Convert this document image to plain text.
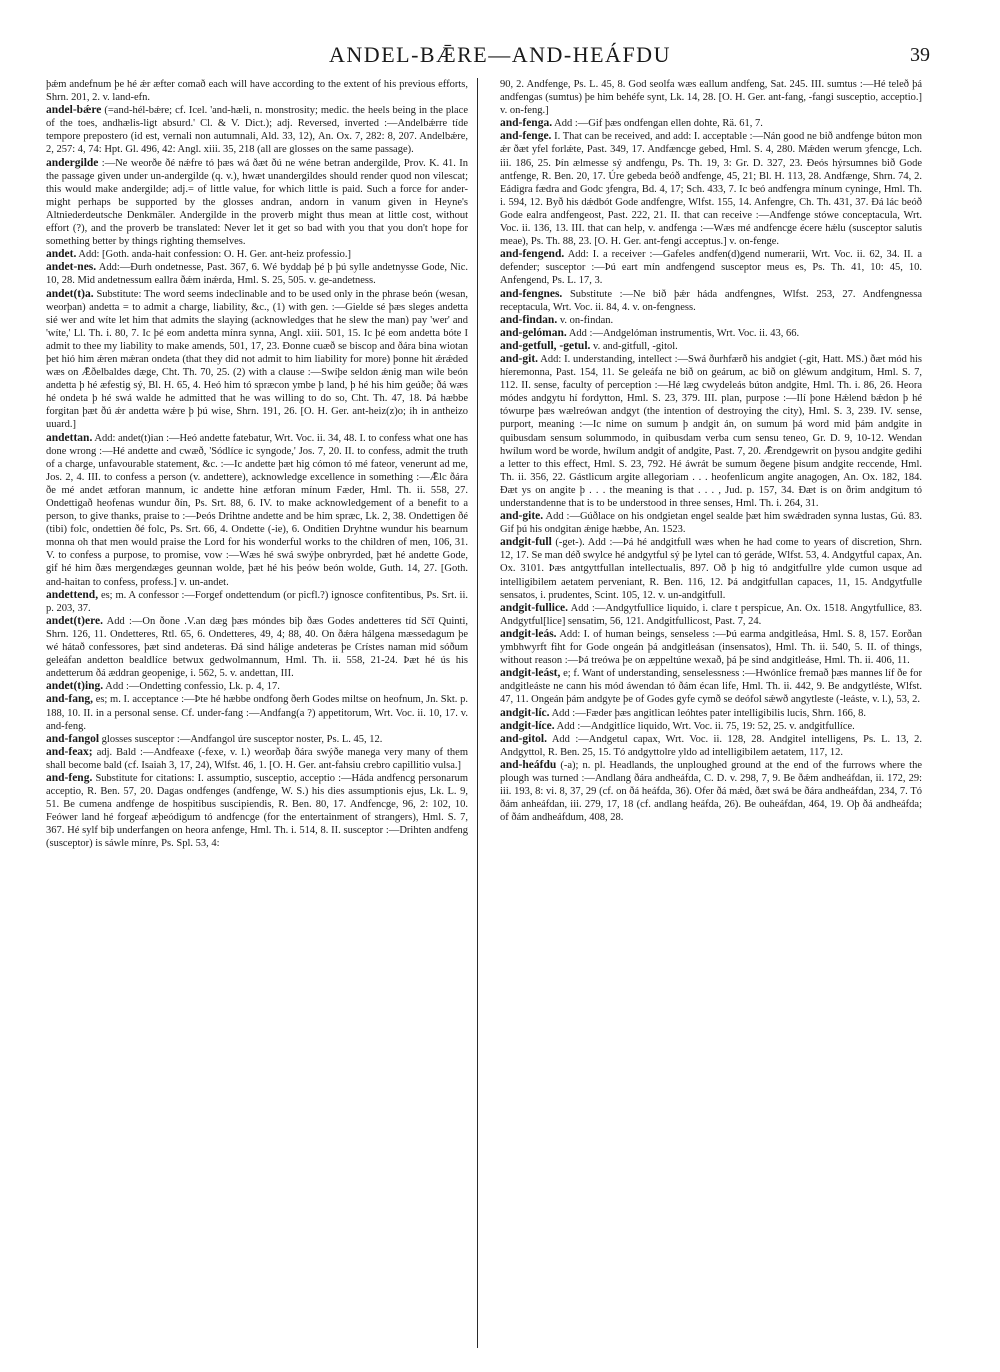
ANDEL-BǢRE—AND-HEÁFDU	39

þǽm andefnum þe hé ǽr æfter comað each will have according to the extent of his previous efforts, Shrn. 201, 2. v. land-efn.

andel-bǽre (=and-hél-bǽre; cf. Icel. 'and-hæli, n. monstrosity; medic. the heels being in the place of the toes, andhælis-ligt absurd.' Cl. & V. Dict.); adj. Reversed, inverted :—Andelbǽrre tíde tempore preposterо (id est, vernali non autumnali, Ald. 33, 12), An. Ox. 7, 282: 8, 207. Andelbǽre, 2, 257: 4, 74: Hpt. Gl. 496, 42: Angl. xiii. 35, 218 (all are glosses on the same passage).

andergilde :—Ne weorðe ðé nǽfre tó þæs wá ðæt ðú ne wéne betran andergilde, Prov. K. 41. In the passage given under un-andergilde (q. v.), hwæt unandergildes should render quod non vilescat; this would make andergilde; adj.= of little value, for which little is paid. Such a force for ander- might perhaps be supported by the glosses andran, andorn in vanum given in Heyne's Altniederdeutsche Denkmäler. Andergilde in the proverb might thus mean at little cost, without effort (?), and the proverb be translated: Never let it get so bad with you that you don't hope for something better by things righting themselves.

andet. Add: [Goth. anda-hait confession: O. H. Ger. ant-heiz professio.]

andet-nes. Add:—Ðurh ondetnesse, Past. 367, 6. Wé byddaþ þé þ þú sylle andetnysse Gode, Nic. 10, 28. Mid andetnessum eallra ðǽm inǽrda, Hml. S. 25, 505. v. ge-andetness.

andet(t)a. Substitute: The word seems indeclinable and to be used only in the phrase beón (wesan, weorþan) andetta = to admit a charge, liability, &c., (1) with gen. :—Gielde sé þæs sleges andetta sié wer and wíte let him that admits the slaying (acknowledges that he slew the man) pay 'wer' and 'wíte,' Ll. Th. i. 80, 7. Ic þé eom andetta mínra synna, Angl. xiii. 501, 15. Ic þé eom andetta bóte I admit to thee my liability to make amends, 501, 17, 23. Ðonne cuæð se biscop and ðára bina wiotan þet hió him ǽren mǽran ondeta (that they did not admit to him liability for more) þonne hit ǽrǽded wæs on Ǣðelbaldes dæge, Cht. Th. 70, 25. (2) with a clause :—Swíþe seldon ǽnig man wile beón andetta þ hé æfestig sý, Bl. H. 65, 4. Heó him tó spræcon ymbe þ land, þ hé his him geúðe; ðá wæs hé ondeta þ hé swá walde he admitted that he was willing to do so, Cht. Th. 47, 18. Þá hæbbe forgitan þæt ðú ǽr andetta wǽre þ þú wise, Shrn. 191, 26. [O. H. Ger. ant-heiz(z)o; ih in antheizo uuard.]

andettan. Add: andet(t)ian :—Heó andette fatebatur, Wrt. Voc. ii. 34, 48. I. to confess what one has done wrong :—Hé andette and cwæð, 'Sódlíce ic syngode,' Jos. 7, 20. II. to confess, admit the truth of a charge, unfavourable statement, &c. :—Ic andette þæt hig cómon tó mé fateor, venerunt ad me, Jos. 2, 4. III. to confess a person (v. andettere), acknowledge excellence in something :—Ǣlc ðára ðe mé andet ætforan mannum, ic andette hine ætforan mínum Fæder, Hml. Th. ii. 558, 27. Ondettigað heofenas wundur ðín, Ps. Srt. 88, 6. IV. to make acknowledgement of a benefit to a person, to give thanks, praise to :—Þeós Drihtne andette and be him spræc, Lk. 2, 38. Ondettigen ðé (tibi) folc, ondettien ðé folc, Ps. Srt. 66, 4. Ondette (-ie), 6. Onditien Dryhtne wundur his bearnum monna oh that men would praise the Lord for his wonderful works to the children of men, 106, 31. V. to confess a purpose, to promise, vow :—Wæs hé swá swýþe onbryrded, þæt hé andette Gode, gif hé him ðæs mergendæges geunnan wolde, þæt hé his þeów beón wolde, Guth. 14, 27. [Goth. and-haitan to confess, profess.] v. un-andet.

andettend, es; m. A confessor :—Forgef ondettendum (or picfl.?) ignosce confitentibus, Ps. Srt. ii. p. 203, 37.

andet(t)ere. Add :—On ðone .V.an dæg þæs móndes biþ ðæs Godes andetteres tíd Sčī Quinti, Shrn. 126, 11. Ondetteres, Rtl. 65, 6. Ondetteres, 49, 4; 88, 40. On ðǽra hálgena mæssedagum þe wé hátað confessores, þæt sind andeteras. Ðá sind hálige andeteras þe Crístes naman mid sóðum geleáfan andetton bealdlíce betwux gedwolmannum, Hml. Th. ii. 558, 21-24. Þæt hé ús his andetterum ðá æddran geopenige, i. 562, 5. v. andettan, III.

andet(t)ing. Add :—Ondetting confessio, Lk. p. 4, 17.

and-fang, es; m. I. acceptance :—Þte hé hæbbe ondfong ðerh Godes miltse on heofnum, Jn. Skt. p. 188, 10. II. in a personal sense. Cf. under-fang :—Andfang(a ?) appetitorum, Wrt. Voc. ii. 10, 17. v. and-feng.

and-fangol glosses susceptor :—Andfangol úre susceptor noster, Ps. L. 45, 12.

and-feax; adj. Bald :—Andfeaxe (-fexe, v. l.) weorðaþ ðára swýðe manega very many of them shall become bald (cf. Isaiah 3, 17, 24), Wlfst. 46, 1. [O. H. Ger. ant-fahsiu crebro capillitio vulsa.]

and-feng. Substitute for citations: I. assumptio, susceptio, acceptio :—Háda andfencg personarum acceptio, R. Ben. 57, 20. Dagas ondfenges (andfenge, W. S.) his dies assumptionis ejus, Lk. L. 9, 51. Be cumena andfenge de hospitibus suscipiendis, R. Ben. 80, 17. Andfencge, 96, 2: 102, 10. Feówer land hé forgeaf æþeódigum tó andfencge (for the entertainment of strangers), Hml. S. 7, 367. Hé sylf biþ underfangen on heora anfenge, Hml. Th. i. 514, 8. II. susceptor :—Drihten andfeng (susceptor) is sáwle mínre, Ps. Spl. 53, 4:

90, 2. Andfenge, Ps. L. 45, 8. God seolfa wæs eallum andfeng, Sat. 245. III. sumtus :—Hé teleð þá andfengas (sumtus) þe him behéfe synt, Lk. 14, 28. [O. H. Ger. ant-fang, -fangi susceptio, acceptio.] v. on-feng.]

and-fenga. Add :—Gif þæs ondfengan ellen dohte, Rä. 61, 7.

and-fenge. I. That can be received, and add: I. acceptable :—Nán good ne bið andfenge búton mon ǽr ðæt yfel forlǽte, Past. 349, 17. Andfæncge gebed, Hml. S. 4, 280. Mǽden werum ȝfencge, Lch. iii. 186, 25. Þín ælmesse sý andfengu, Ps. Th. 19, 3: Gr. D. 327, 23. Ðeós hýrsumnes bið Gode antfenge, R. Ben. 20, 17. Úre gebeda beóð andfenge, 45, 21; Bl. H. 113, 28. Andfænge, Shrn. 74, 2. Eádigra fædra and Godc ȝfengra, Bd. 4, 17; Sch. 433, 7. Ic beó andfengra mínum cyninge, Hml. Th. i. 594, 12. Byð his dǽdbót Gode andfengre, Wlfst. 155, 14. Anfengre, Ch. Th. 431, 37. Ðá lác beóð Gode ealra andfengeost, Past. 222, 21. II. that can receive :—Andfenge stówe conceptacula, Wrt. Voc. ii. 136, 13. III. that can help, v. andfenga :—Wæs mé andfencge écere hǽlu (susceptor salutis meae), Ps. Th. 88, 23. [O. H. Ger. ant-fengi acceptus.] v. on-fenge.

and-fengend. Add: I. a receiver :—Gafeles andfen(d)gend numerarii, Wrt. Voc. ii. 62, 34. II. a defender; susceptor :—Þú eart mín andfengend susceptor meus es, Ps. Th. 41, 10: 45, 10. Anfengend, Ps. L. 17, 3.

and-fengnes. Substitute :—Ne bið þǽr háda andfengnes, Wlfst. 253, 27. Andfengnessa receptacula, Wrt. Voc. ii. 84, 4. v. on-fengness.

and-findan. v. on-findan.

and-gelóman. Add :—Andgelóman instrumentis, Wrt. Voc. ii. 43, 66.

and-getfull, -getul. v. and-gitfull, -gitol.

and-git. Add: I. understanding, intellect :—Swá ðurhfærð his andgiet (-git, Hatt. MS.) ðæt mód his híeremonna, Past. 154, 11. Se geleáfa ne bið on geárum, ac bið on gléwum andgitum, Hml. S. 7, 112. II. sense, faculty of perception :—Hé læg cwydeleás búton andgite, Hml. Th. i. 86, 26. Heora módes andgytu hí fordytton, Hml. S. 23, 379. III. plan, purpose :—Ilí þone Hǽlend bǽdon þ hé tówurpe þæs wælreówan andgyt (the intention of destroying the city), Hml. S. 3, 239. IV. sense, purport, meaning :—Ic nime on sumum þ andgit án, on sumum þá word mid þám andgite in quibusdam sensum solummodo, in quibusdam verba cum sensu teneo, Gr. D. 9, 10-12. Wendan hwílum word be worde, hwílum andgit of andgite, Past. 7, 20. Ǣrendgewrit on þysou andgite gedihi a letter to this effect, Hml. S. 23, 792. Hé áwrát be sumum ðegene þisum andgite reccende, Hml. Th. ii. 356, 22. Gástlicum argite allegoriam . . . heofenlicum angite anagogen, An. Ox. 182, 184. Ðæt ys on angite þ . . . the meaning is that . . . , Jud. p. 157, 34. Ðæt is on ðrim andgitum tó understandenne that is to be understood in three senses, Hml. Th. i. 264, 31.

and-gite. Add :—Gúðlace on his ondgietan engel sealde þæt him swǽdraden synna lustas, Gú. 83. Gif þú his ondgitan ǽnige hæbbe, An. 1523.

andgit-full (-get-). Add :—Þá hé andgitfull wæs when he had come to years of discretion, Shrn. 12, 17. Se man déð swylce hé andgytful sý þe lytel can tó geráde, Wlfst. 53, 4. Andgytful capax, An. Ox. 3101. Þæs antgyttfullan intellectualis, 897. Oð þ hig tó andgitfullre ylde cumon usque ad intelligibilem aetatem perveniant, R. Ben. 116, 12. Þá andgitfullan capaces, 11, 15. Andgytfulle sensatos, i. prudentes, Scint. 105, 12. v. un-andgitfull.

andgit-fullice. Add :—Andgytfullice liquido, i. clare t perspicue, An. Ox. 1518. Angytfullice, 83. Andgytful[lice] sensatim, 56, 121. Andgitfullicost, Past. 7, 24.

andgit-leás. Add: I. of human beings, senseless :—Þú earma andgitleása, Hml. S. 8, 157. Eorðan ymbhwyrft fiht for Gode ongeán þá andgitleásan (insensatos), Hml. Th. ii. 540, 5. II. of things, without reason :—Þá treówa þe on æppeltúne wexað, þá þe sind andgitleáse, Hml. Th. ii. 406, 11.

andgit-leást, e; f. Want of understanding, senselessness :—Hwónlíce fremað þæs mannes líf ðe for andgitleáste ne cann his mód áwendan tó ðám écan life, Hml. Th. ii. 442, 9. Be andgytléste, Wlfst. 47, 11. Ongeán þám andgyte þe of Godes gyfe cymð se deófol sǽwð angytleste (-leáste, v. l.), 53, 2.

andgit-líc. Add :—Fæder þæs angitlican leóhtes pater intelligibilis lucis, Shrn. 166, 8.

andgit-líce. Add :—Andgitlíce liquido, Wrt. Voc. ii. 75, 19: 52, 25. v. andgitfullíce.

and-gitol. Add :—Andgetul capax, Wrt. Voc. ii. 128, 28. Andgitel intelligens, Ps. L. 13, 2. Andgyttol, R. Ben. 25, 15. Tó andgyttolre yldo ad intelligibilem aetatem, 117, 12.

and-heáfdu (-a); n. pl. Headlands, the unploughed ground at the end of the furrows where the plough was turned :—Andlang ðára andheáfda, C. D. v. 298, 7, 9. Be ðǽm andheáfdan, ii. 172, 29: iii. 193, 8: vi. 8, 37, 29 (cf. on ðá heáfda, 36). Ofer ðá mǽd, ðæt swá be ðára andheáfdan, 234, 7. Tó ðám anheáfdan, iii. 279, 17, 18 (cf. andlang heáfda, 26). Be ouheáfdan, 464, 19. Oþ ðá andheáfda; of ðám andheáfdum, 408, 28.
